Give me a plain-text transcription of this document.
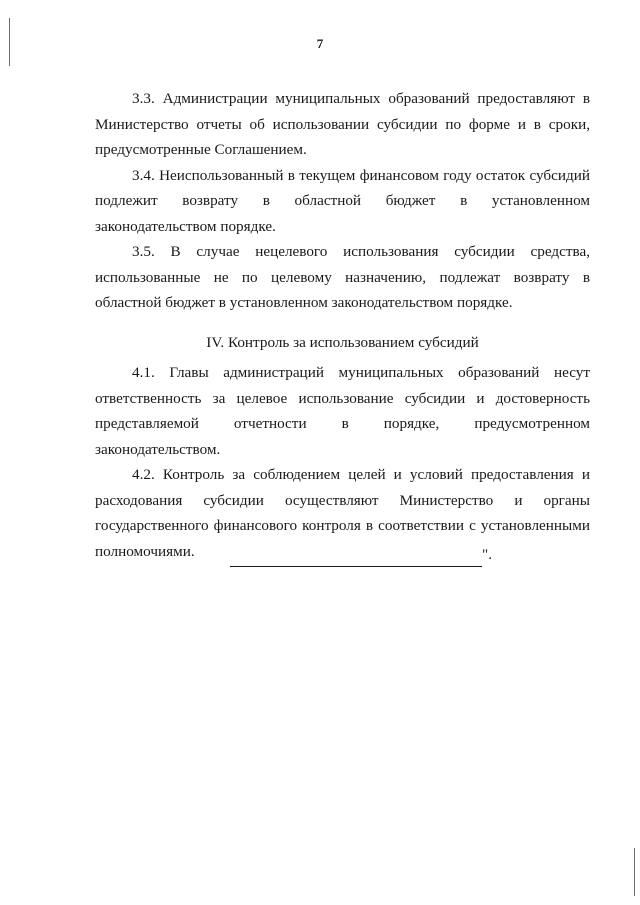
7

3.3. Администрации муниципальных образований предоставляют в Министерство отчеты об использовании субсидии по форме и в сроки, предусмотренные Соглашением.

3.4. Неиспользованный в текущем финансовом году остаток субсидий подлежит возврату в областной бюджет в установленном законодательством порядке.

3.5. В случае нецелевого использования субсидии средства, использованные не по целевому назначению, подлежат возврату в областной бюджет в установленном законодательством порядке.

IV. Контроль за использованием субсидий

4.1. Главы администраций муниципальных образований несут ответственность за целевое использование субсидии и достоверность представляемой отчетности в порядке, предусмотренном законодательством.

4.2. Контроль за соблюдением целей и условий предоставления и расходования субсидии осуществляют Министерство и органы государственного финансового контроля в соответствии с установленными полномочиями.	".
